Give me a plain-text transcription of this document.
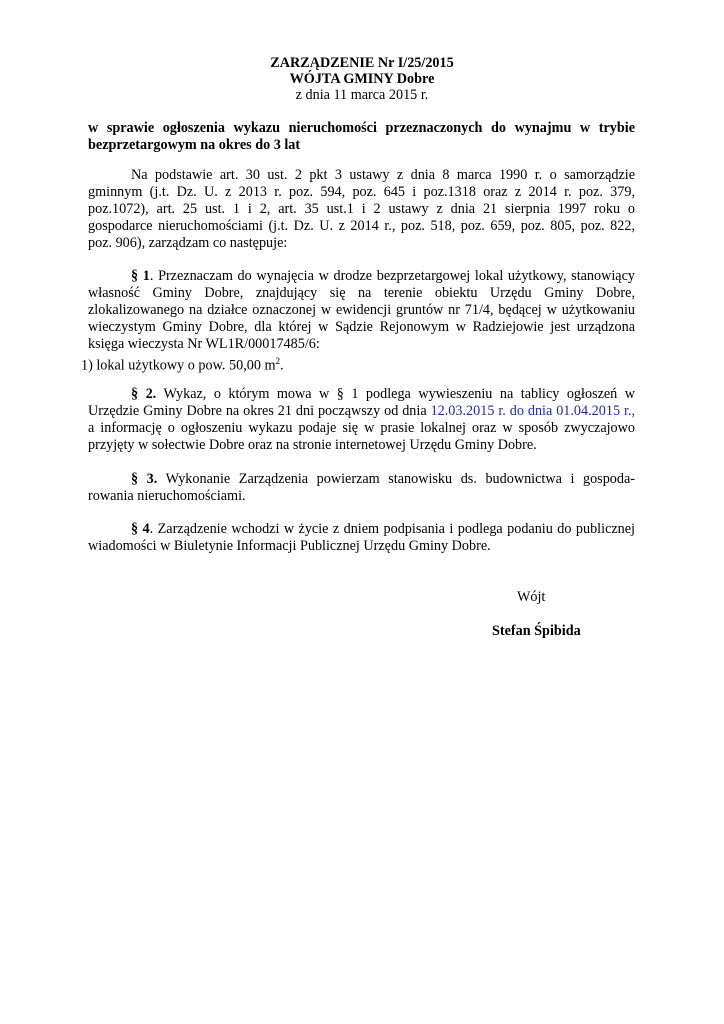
ZARZĄDZENIE Nr I/25/2015
WÓJTA GMINY Dobre
z dnia 11 marca 2015 r.
w sprawie ogłoszenia wykazu nieruchomości przeznaczonych do wynajmu w trybie
bezprzetargowym na okres do 3 lat
Na podstawie art. 30 ust. 2 pkt 3 ustawy z dnia 8 marca 1990 r. o samorządzie
gminnym (j.t. Dz. U. z 2013 r. poz. 594, poz. 645 i poz.1318 oraz z 2014 r. poz. 379,
poz.1072), art. 25 ust. 1 i 2, art. 35 ust.1 i 2 ustawy z dnia 21 sierpnia 1997 roku o
gospodarce nieruchomościami (j.t. Dz. U. z 2014 r., poz. 518, poz. 659, poz. 805, poz. 822,
poz. 906), zarządzam co następuje:
§ 1. Przeznaczam do wynajęcia w drodze bezprzetargowej lokal użytkowy, stanowiący
własność Gminy Dobre, znajdujący się na terenie obiektu Urzędu Gminy Dobre,
zlokalizowanego na działce oznaczonej w ewidencji gruntów nr 71/4, będącej w użytkowaniu
wieczystym Gminy Dobre, dla której w Sądzie Rejonowym w Radziejowie jest urządzona
księga wieczysta Nr WL1R/00017485/6:
1) lokal użytkowy o pow. 50,00 $m^2$.
§ 2. Wykaz, o którym mowa w § 1 podlega wywieszeniu na tablicy ogłoszeń w
Urzędzie Gminy Dobre na okres 21 dni począwszy od dnia 12.03.2015 r. do dnia 01.04.2015 r.,
a informację o ogłoszeniu wykazu podaje się w prasie lokalnej oraz w sposób zwyczajowo
przyjęty w sołectwie Dobre oraz na stronie internetowej Urzędu Gminy Dobre.
§ 3. Wykonanie Zarządzenia powierzam stanowisku ds. budownictwa i gospoda-
rowania nieruchomościami.
§ 4. Zarządzenie wchodzi w życie z dniem podpisania i podlega podaniu do publicznej
wiadomości w Biuletynie Informacji Publicznej Urzędu Gminy Dobre.
Wójt
Stefan Śpibida
